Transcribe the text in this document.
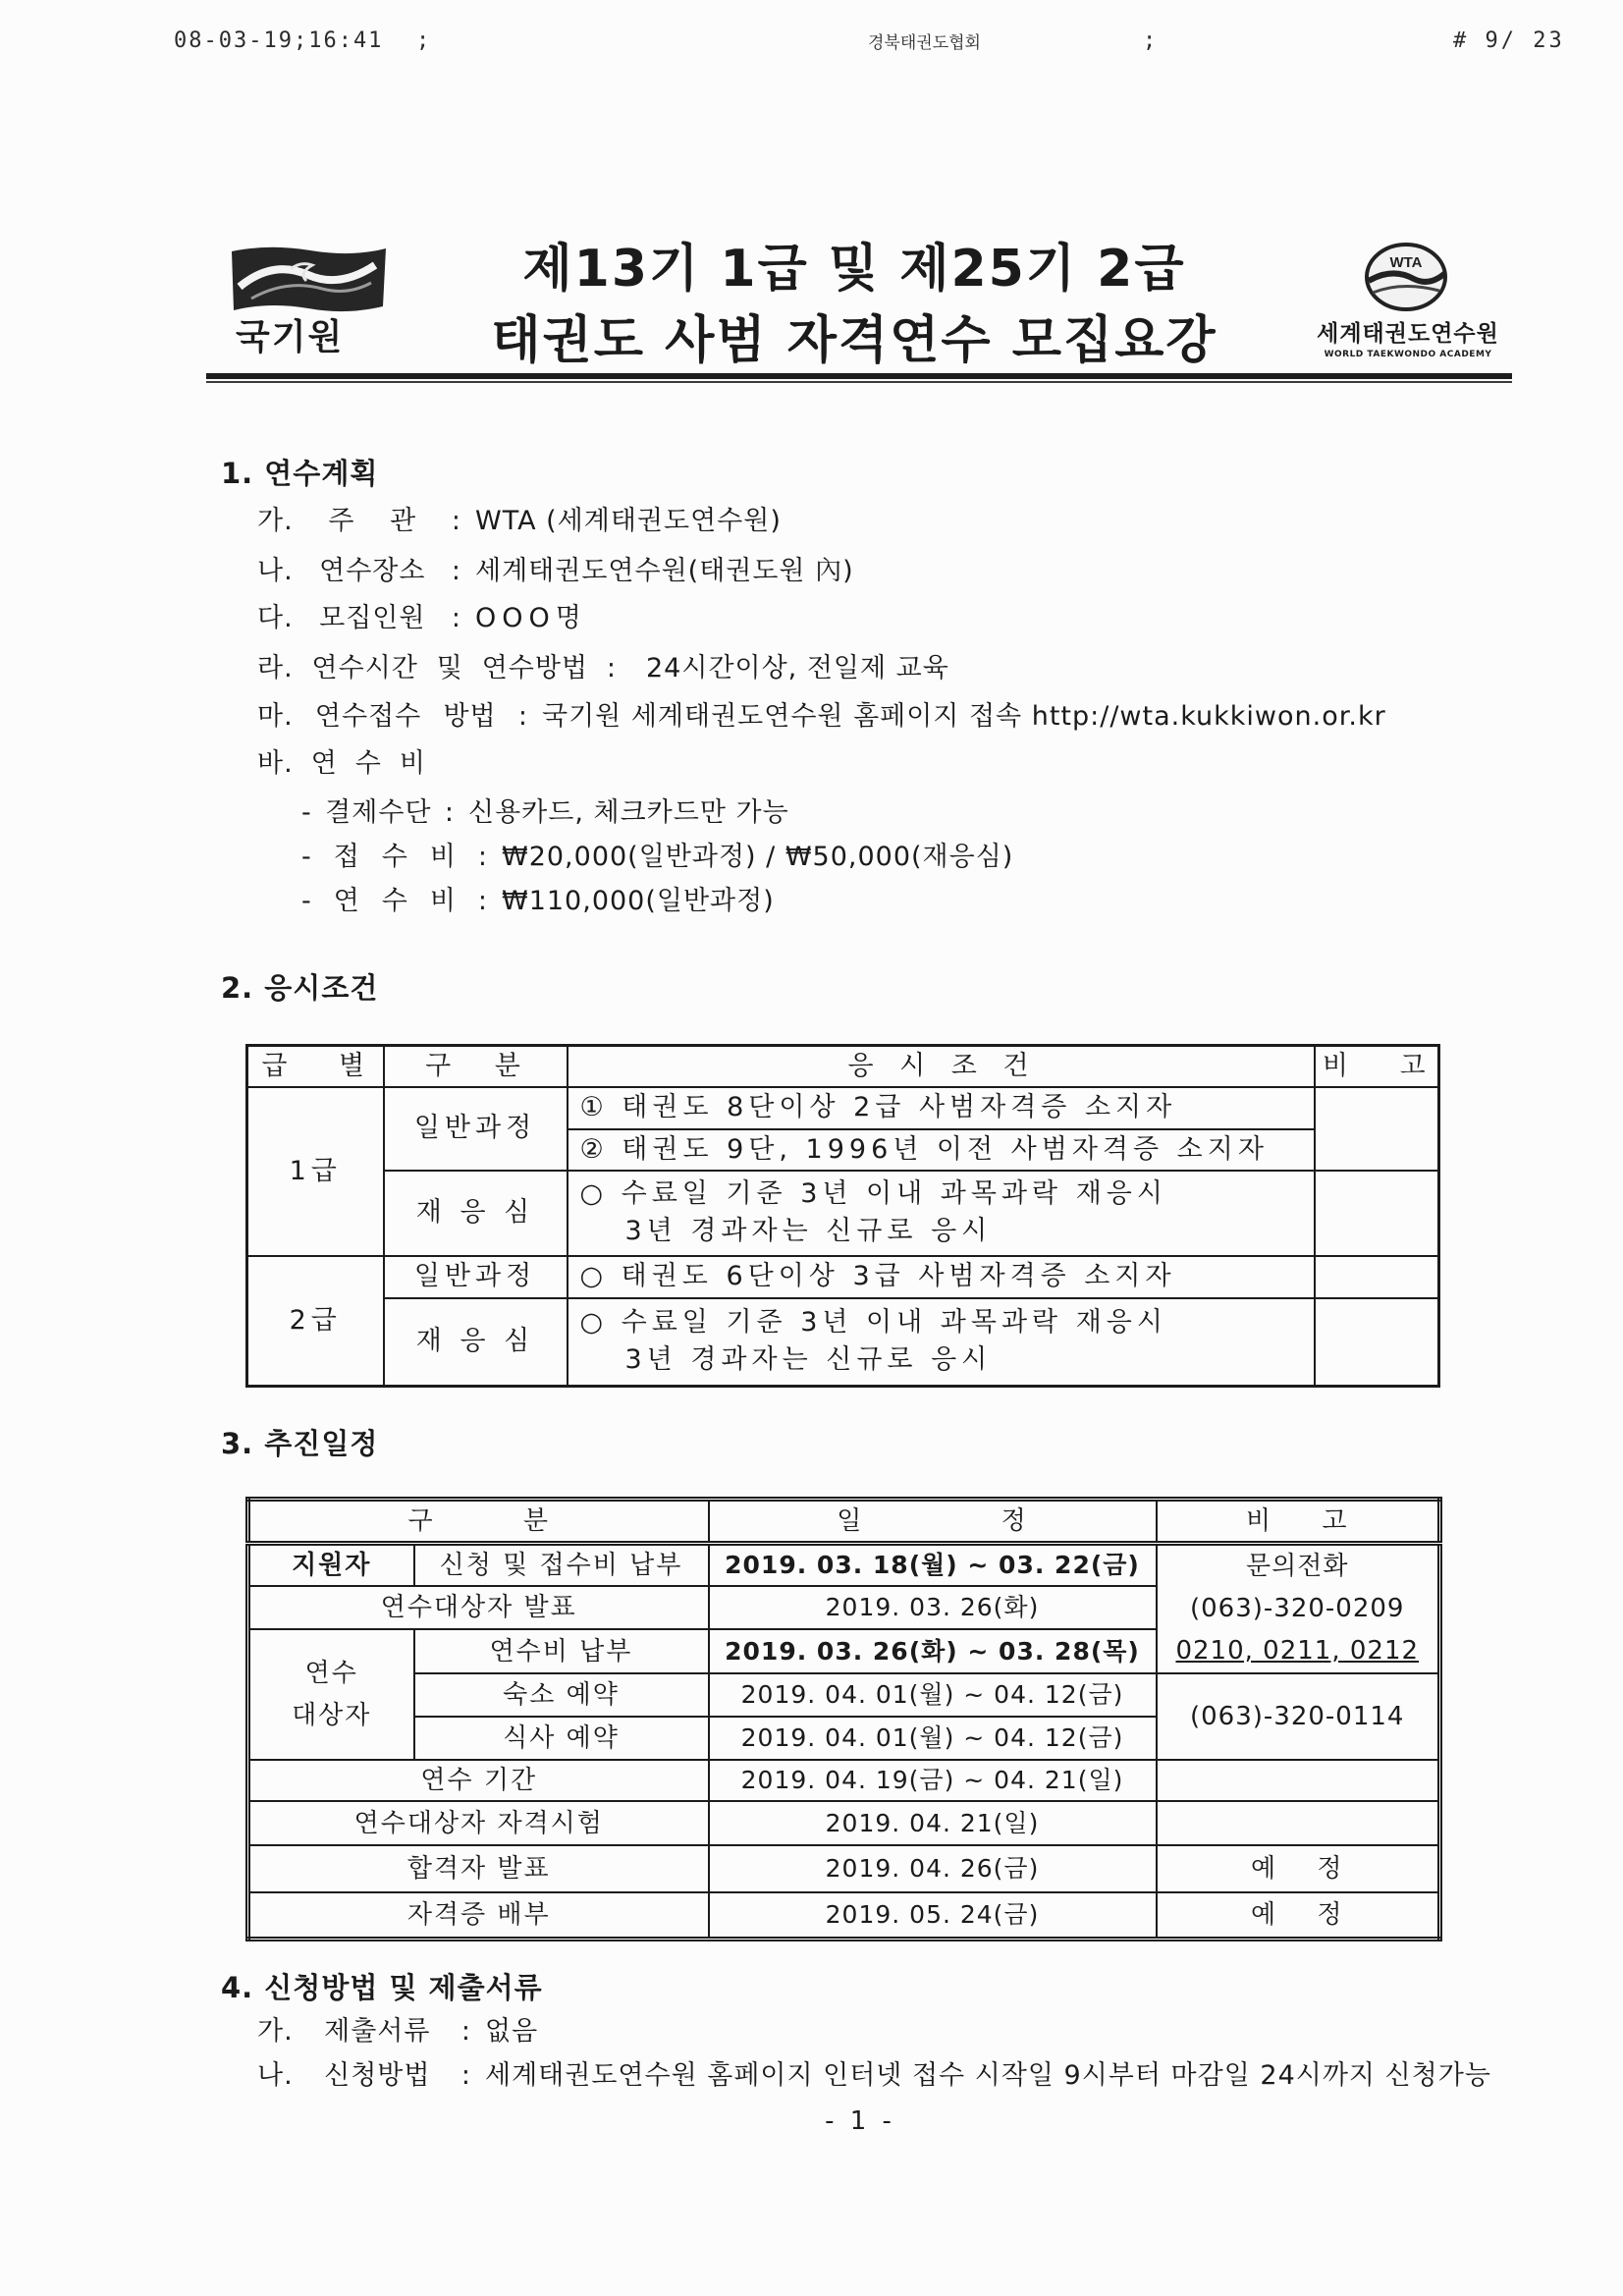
08-03-19;16:41 ;	경북태권도협회	;	# 9/ 23
국기원
제13기 1급 및 제25기 2급
태권도 사범 자격연수 모집요강
WTA
세계태권도연수원
WORLD TAEKWONDO ACADEMY
1. 연수계획
가. 주 관 : WTA (세계태권도연수원)
나. 연수장소 : 세계태권도연수원(태권도원 內)
다. 모집인원 : OOO명
라. 연수시간 및 연수방법 : 24시간이상, 전일제 교육
마. 연수접수 방법 : 국기원 세계태권도연수원 홈페이지 접속 http://wta.kukkiwon.or.kr
바. 연 수 비
- 결제수단 : 신용카드, 체크카드만 가능
- 접 수 비 : ₩20,000(일반과정) / ₩50,000(재응심)
- 연 수 비 : ₩110,000(일반과정)
2. 응시조건
급 별	구 분	응 시 조 건	비 고
1급	일반과정	① 태권도 8단이상 2급 사범자격증 소지자	
		② 태권도 9단, 1996년 이전 사범자격증 소지자	
	재 응 심	○ 수료일 기준 3년 이내 과목과락 재응시
3년 경과자는 신규로 응시	

2급	일반과정	○ 태권도 6단이상 3급 사범자격증 소지자	
	재 응 심	○ 수료일 기준 3년 이내 과목과락 재응시
3년 경과자는 신규로 응시	

3. 추진일정
구 분		일 정	비 고
지원자	신청 및 접수비 납부	2019. 03. 18(월) ~ 03. 22(금)	문의전화
(063)-320-0209
0210, 0211, 0212

연수대상자 발표		2019. 03. 26(화)	

연수
대상자	연수비 납부	2019. 03. 26(화) ~ 03. 28(목)	
	숙소 예약	2019. 04. 01(월) ~ 04. 12(금)	(063)-320-0114
	식사 예약	2019. 04. 01(월) ~ 04. 12(금)	
연수 기간		2019. 04. 19(금) ~ 04. 21(일)	
연수대상자 자격시험		2019. 04. 21(일)	
합격자 발표		2019. 04. 26(금)	예 정
자격증 배부		2019. 05. 24(금)	예 정
4. 신청방법 및 제출서류
가. 제출서류 : 없음
나. 신청방법 : 세계태권도연수원 홈페이지 인터넷 접수 시작일 9시부터 마감일 24시까지 신청가능
- 1 -
